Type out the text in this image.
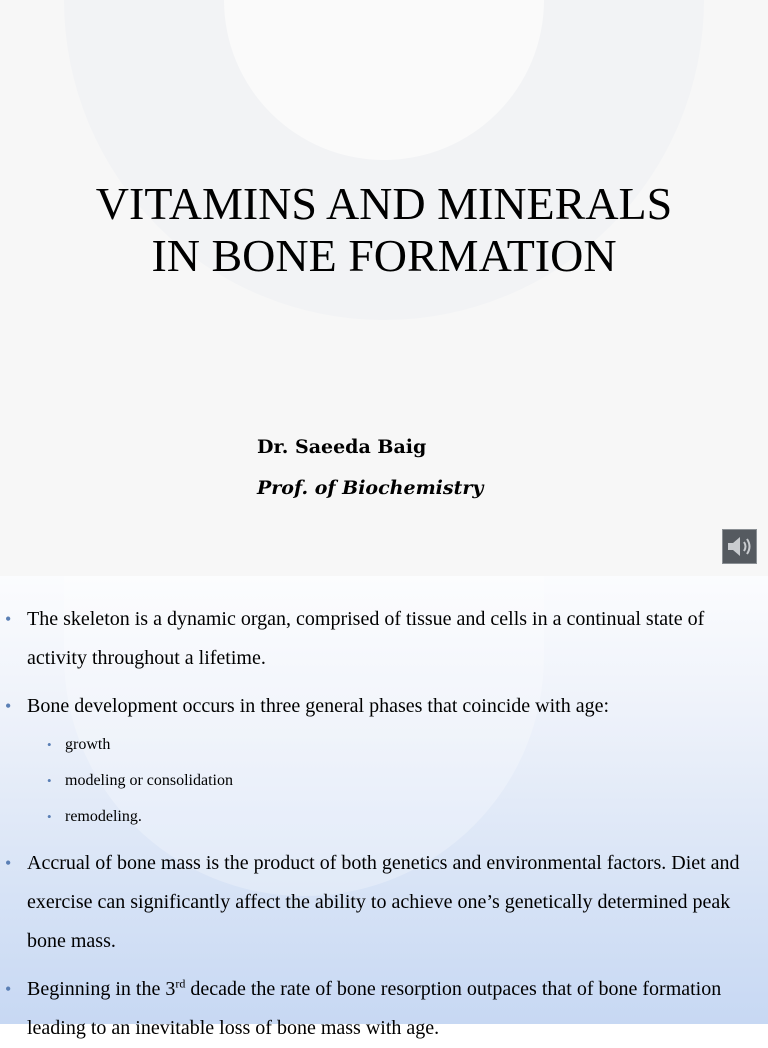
VITAMINS AND MINERALS
IN BONE FORMATION
Dr. Saeeda Baig
Prof. of Biochemistry
• The skeleton is a dynamic organ, comprised of tissue and cells in a continual state of activity throughout a lifetime.
• Bone development occurs in three general phases that coincide with age:
• growth
• modeling or consolidation
• remodeling.
• Accrual of bone mass is the product of both genetics and environmental factors. Diet and exercise can significantly affect the ability to achieve one’s genetically determined peak bone mass.
• Beginning in the 3rd decade the rate of bone resorption outpaces that of bone formation leading to an inevitable loss of bone mass with age.
